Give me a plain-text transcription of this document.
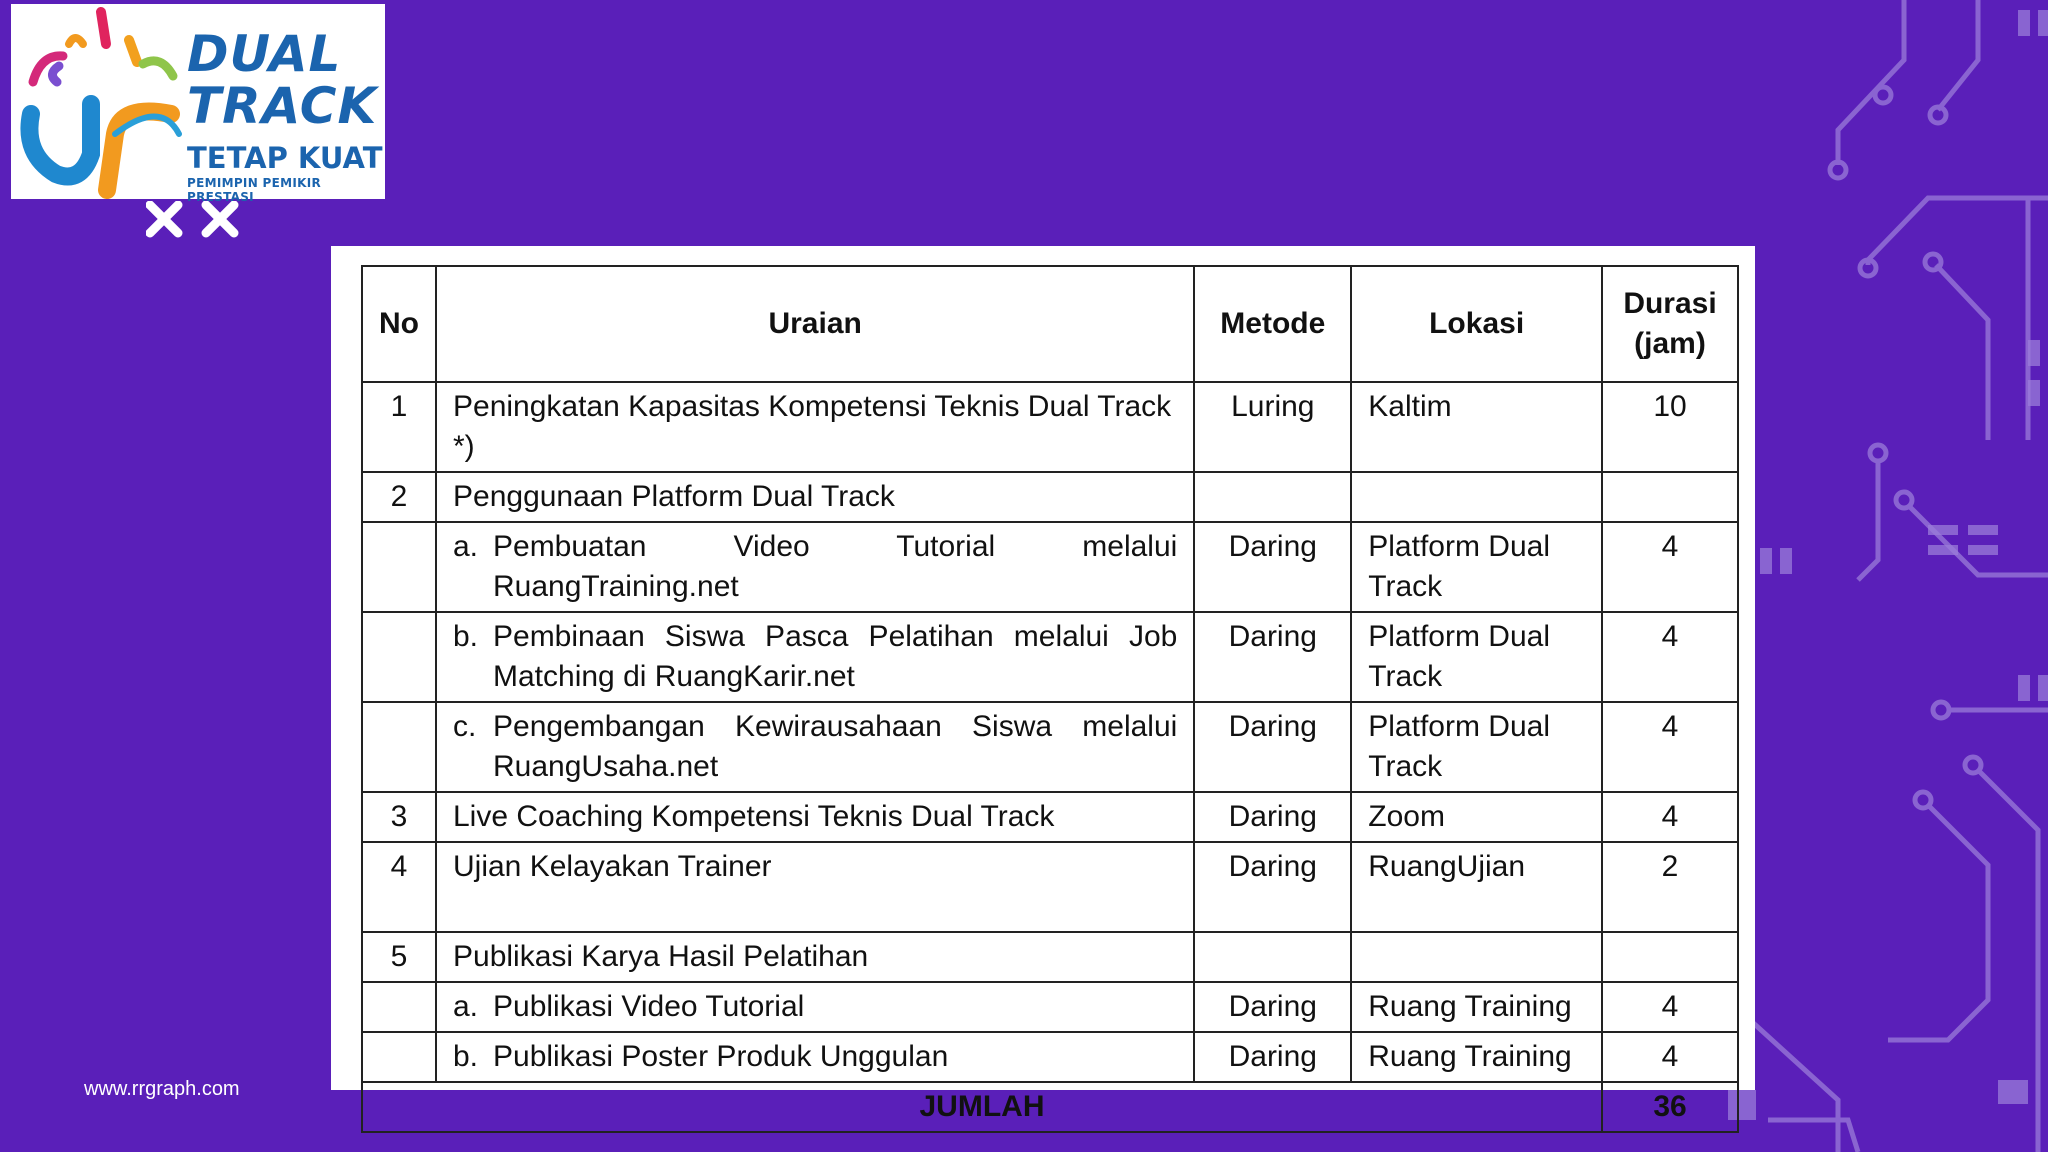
DUAL
TRACK
TETAP KUAT
PEMIMPIN PEMIKIR PRESTASI
www.rrgraph.com
No	Uraian	Metode	Lokasi	Durasi (jam)
1	Peningkatan Kapasitas Kompetensi Teknis Dual Track *)	Luring	Kaltim	10
2	Penggunaan Platform Dual Track			

	a. Pembuatan Video Tutorial melalui RuangTraining.net	Daring	Platform Dual Track	4

	b. Pembinaan Siswa Pasca Pelatihan melalui Job Matching di RuangKarir.net	Daring	Platform Dual Track	4

	c. Pengembangan Kewirausahaan Siswa melalui RuangUsaha.net	Daring	Platform Dual Track	4
3	Live Coaching Kompetensi Teknis Dual Track	Daring	Zoom	4
4	Ujian Kelayakan Trainer	Daring	RuangUjian	2
5	Publikasi Karya Hasil Pelatihan			

	a. Publikasi Video Tutorial	Daring	Ruang Training	4

	b. Publikasi Poster Produk Unggulan	Daring	Ruang Training	4
JUMLAH				36
